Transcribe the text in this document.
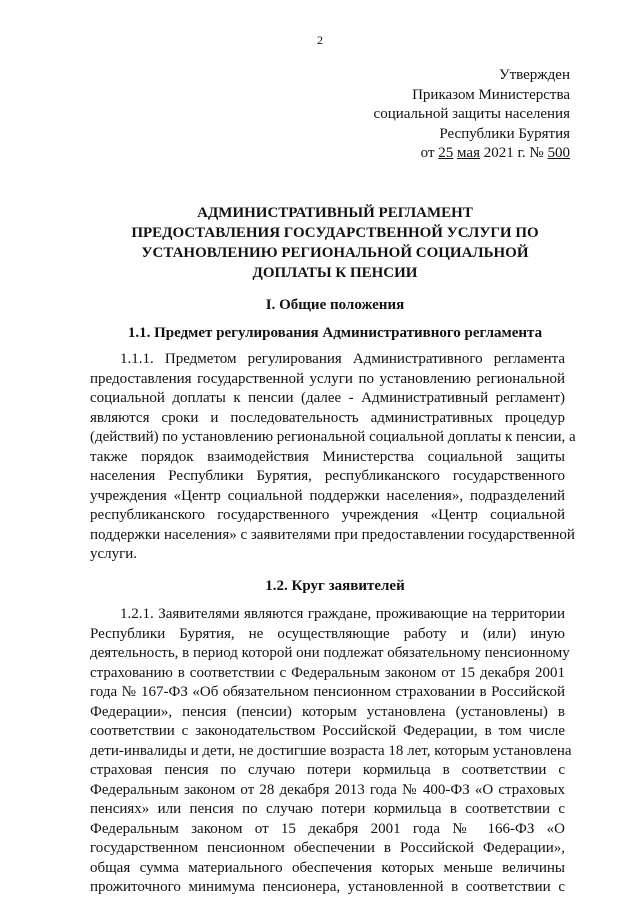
2
Утвержден
Приказом Министерства
социальной защиты населения
Республики Бурятия
от 25 мая 2021 г. № 500
АДМИНИСТРАТИВНЫЙ РЕГЛАМЕНТ
ПРЕДОСТАВЛЕНИЯ ГОСУДАРСТВЕННОЙ УСЛУГИ ПО
УСТАНОВЛЕНИЮ РЕГИОНАЛЬНОЙ СОЦИАЛЬНОЙ
ДОПЛАТЫ К ПЕНСИИ
I. Общие положения
1.1. Предмет регулирования Административного регламента
1.1.1. Предметом регулирования Административного регламента
предоставления государственной услуги по установлению региональной
социальной доплаты к пенсии (далее - Административный регламент)
являются сроки и последовательность административных процедур
(действий) по установлению региональной социальной доплаты к пенсии, а
также порядок взаимодействия Министерства социальной защиты
населения Республики Бурятия, республиканского государственного
учреждения «Центр социальной поддержки населения», подразделений
республиканского государственного учреждения «Центр социальной
поддержки населения» с заявителями при предоставлении государственной
услуги.
1.2. Круг заявителей
1.2.1. Заявителями являются граждане, проживающие на территории
Республики Бурятия, не осуществляющие работу и (или) иную
деятельность, в период которой они подлежат обязательному пенсионному
страхованию в соответствии с Федеральным законом от 15 декабря 2001
года № 167-ФЗ «Об обязательном пенсионном страховании в Российской
Федерации», пенсия (пенсии) которым установлена (установлены) в
соответствии с законодательством Российской Федерации, в том числе
дети-инвалиды и дети, не достигшие возраста 18 лет, которым установлена
страховая пенсия по случаю потери кормильца в соответствии с
Федеральным законом от 28 декабря 2013 года № 400-ФЗ «О страховых
пенсиях» или пенсия по случаю потери кормильца в соответствии с
Федеральным законом от 15 декабря 2001 года № 166-ФЗ «О
государственном пенсионном обеспечении в Российской Федерации»,
общая сумма материального обеспечения которых меньше величины
прожиточного минимума пенсионера, установленной в соответствии с
